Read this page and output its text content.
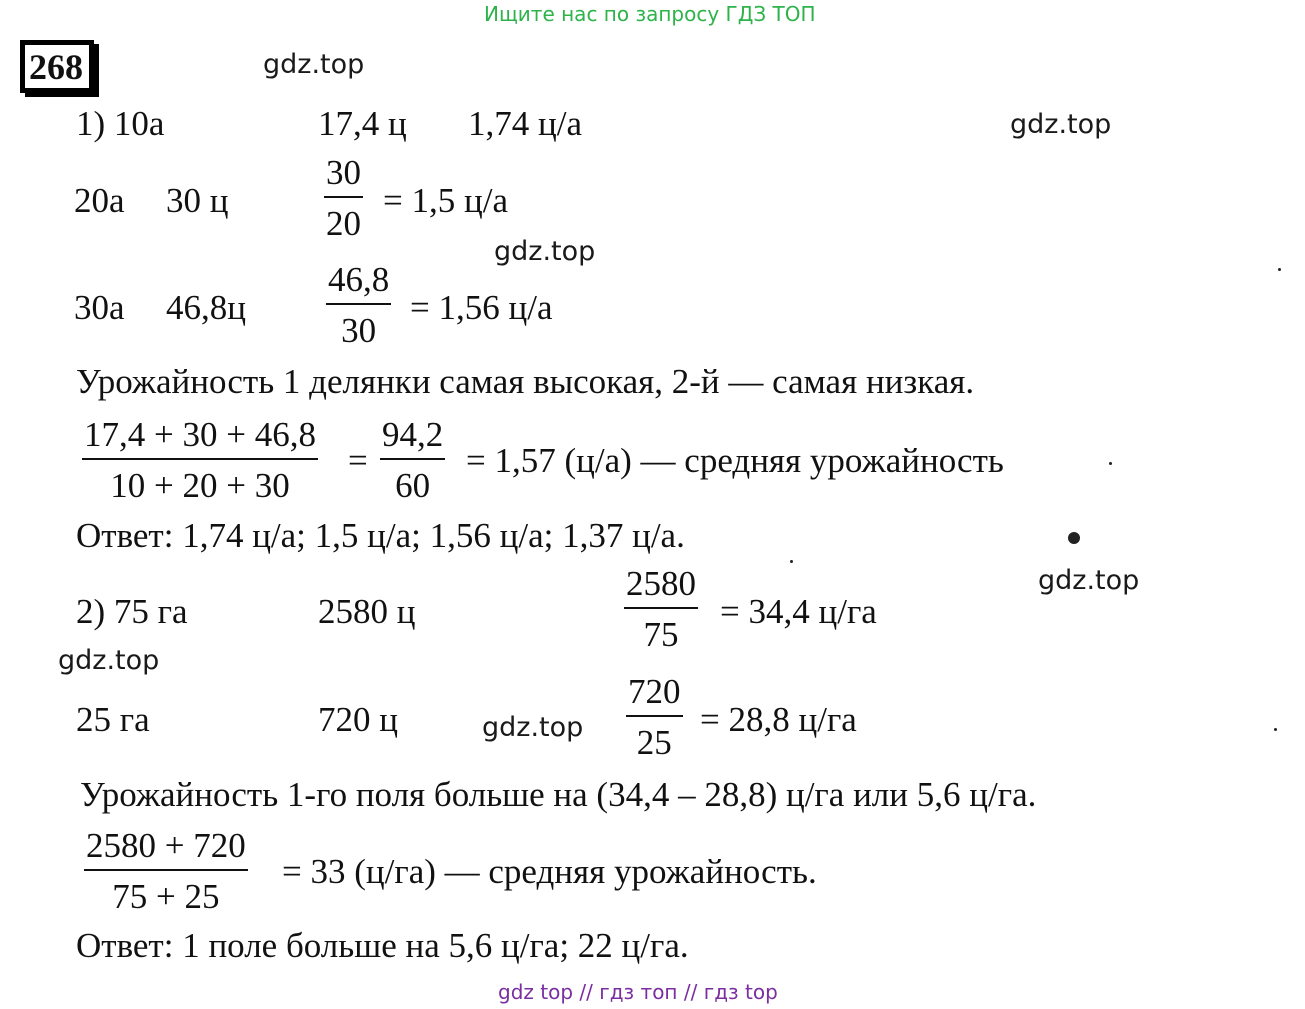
Ищите нас по запросу ГДЗ ТОП
268	gdz.top
gdz.top
gdz.top
gdz.top
gdz.top
gdz.top
1) 10a	17,4 ц 1,74 ц/а
20a 30 ц
30
20
= 1,5 ц/а
30a 46,8ц
46,8
30
= 1,56 ц/а
Урожайность 1 делянки самая высокая, 2-й — самая низкая.
17,4 + 30 + 46,8
10 + 20 + 30
=
94,2
60
= 1,57 (ц/а) — средняя урожайность
Ответ: 1,74 ц/а; 1,5 ц/а; 1,56 ц/а; 1,37 ц/а.
2) 75 га	2580 ц
2580
75
= 34,4 ц/га
25 га	720 ц
720
25
= 28,8 ц/га
Урожайность 1-го поля больше на (34,4 – 28,8) ц/га или 5,6 ц/га.
2580 + 720
75 + 25
= 33 (ц/га) — средняя урожайность.
Ответ: 1 поле больше на 5,6 ц/га; 22 ц/га.
gdz top // гдз топ // гдз top
